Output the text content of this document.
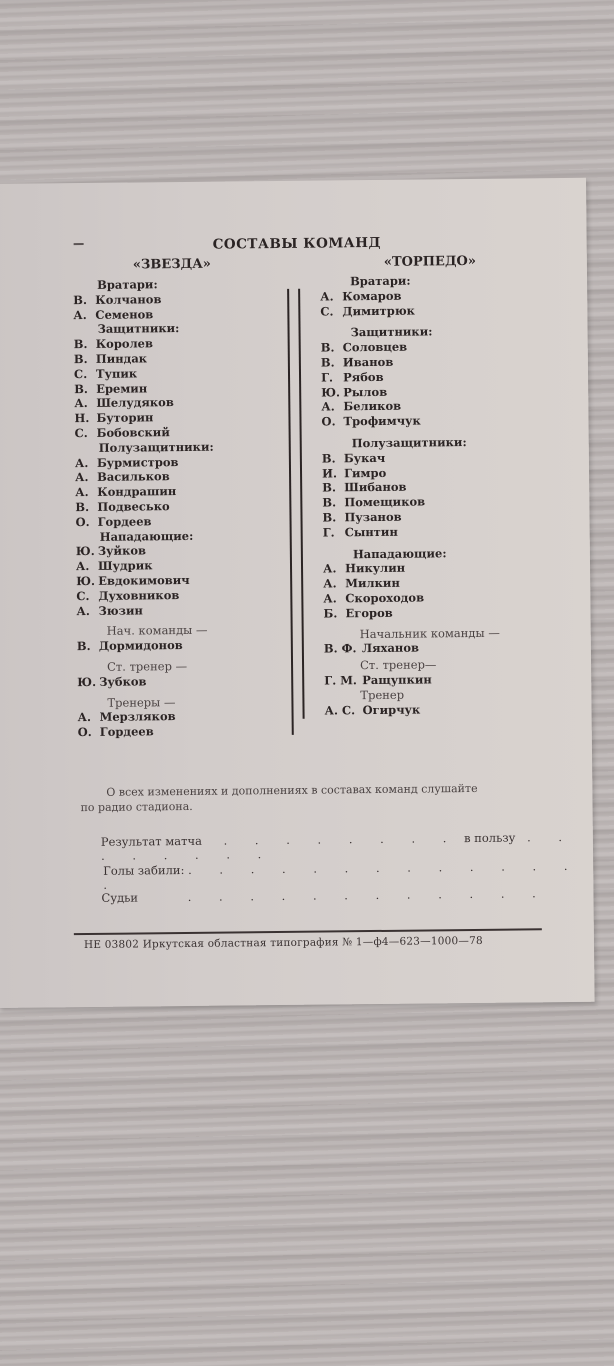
СОСТАВЫ КОМАНД
«ЗВЕЗДА»	«ТОРПЕДО»
Вратари:
В. Колчанов
А. Семенов
Защитники:
В. Королев
В. Пиндак
С. Тупик
В. Еремин
А. Шелудяков
Н. Буторин
С. Бобовский
Полузащитники:
А. Бурмистров
А. Васильков
А. Кондрашин
В. Подвесько
О. Гордеев
Нападающие:
Ю. Зуйков
А. Шудрик
Ю. Евдокимович
С. Духовников
А. Зюзин
Нач. команды —
В. Дормидонов
Ст. тренер —
Ю. Зубков
Тренеры —
А. Мерзляков
О. Гордеев
Вратари:
А. Комаров
С. Димитрюк
Защитники:
В. Соловцев
В. Иванов
Г. Рябов
Ю. Рылов
А. Беликов
О. Трофимчук
Полузащитники:
В. Букач
И. Гимро
В. Шибанов
В. Помещиков
В. Пузанов
Г. Сынтин
Нападающие:
А. Никулин
А. Милкин
А. Скороходов
Б. Егоров
Начальник команды —
В. Ф. Ляханов
Ст. тренер—
Г. М. Ращупкин
Тренер
А. С. Огирчук
О всех изменениях и дополнениях в составах команд слушайте
по радио стадиона.
Результат матча . . . . . . . . в пользу . . . . . . . .
Голы забили: . . . . . . . . . . . . . .
Судьи	. . . . . . . . . . . .
НЕ 03802 Иркутская областная типография № 1—ф4—623—1000—78
